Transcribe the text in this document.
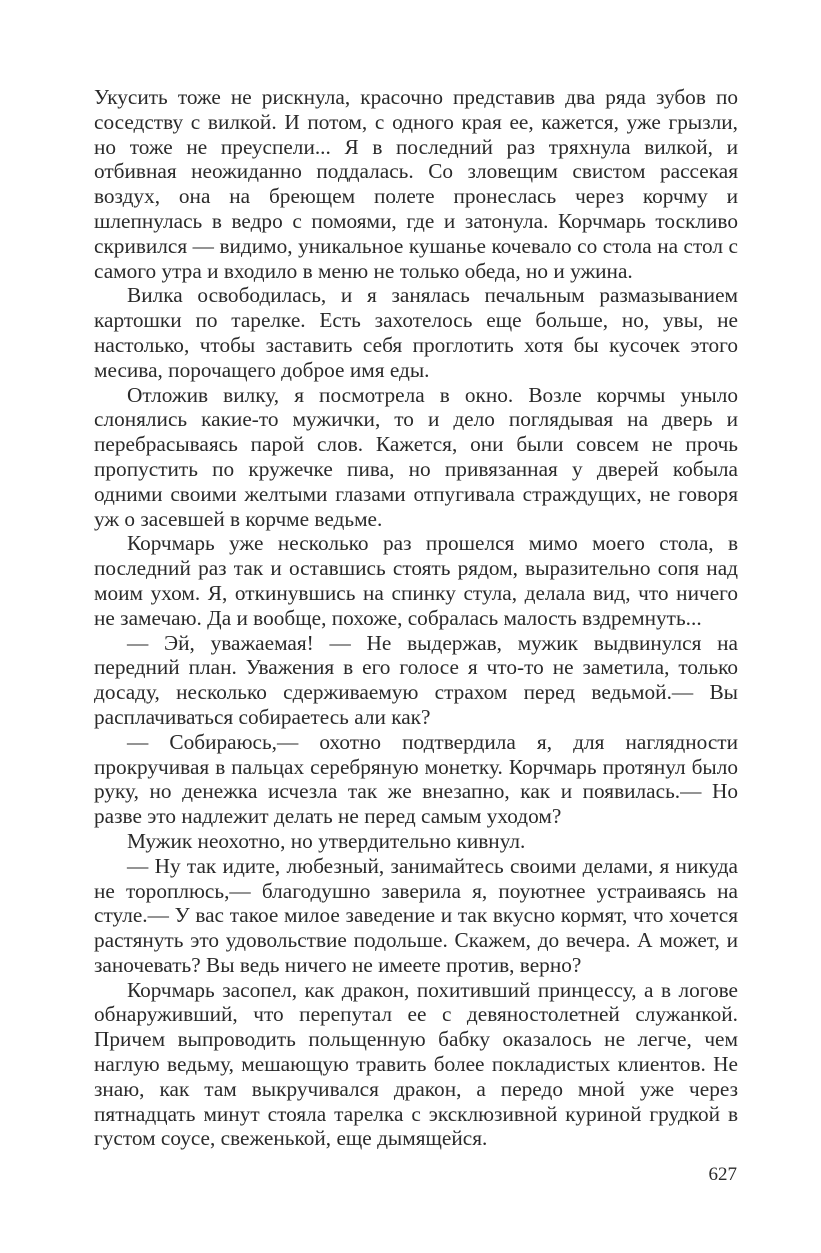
Укусить тоже не рискнула, красочно представив два ряда зубов по соседству с вилкой. И потом, с одного края ее, кажется, уже грызли, но тоже не преуспели... Я в последний раз тряхнула вилкой, и отбивная неожиданно поддалась. Со зловещим свистом рассекая воздух, она на бреющем полете пронеслась через корчму и шлепнулась в ведро с помоями, где и затонула. Корчмарь тоскливо скривился — видимо, уникальное кушанье кочевало со стола на стол с самого утра и входило в меню не только обеда, но и ужина.

Вилка освободилась, и я занялась печальным размазыванием картошки по тарелке. Есть захотелось еще больше, но, увы, не настолько, чтобы заставить себя проглотить хотя бы кусочек этого месива, порочащего доброе имя еды.

Отложив вилку, я посмотрела в окно. Возле корчмы уныло слонялись какие-то мужички, то и дело поглядывая на дверь и перебрасываясь парой слов. Кажется, они были совсем не прочь пропустить по кружечке пива, но привязанная у дверей кобыла одними своими желтыми глазами отпугивала страждущих, не говоря уж о засевшей в корчме ведьме.

Корчмарь уже несколько раз прошелся мимо моего стола, в последний раз так и оставшись стоять рядом, выразительно сопя над моим ухом. Я, откинувшись на спинку стула, делала вид, что ничего не замечаю. Да и вообще, похоже, собралась малость вздремнуть...

— Эй, уважаемая! — Не выдержав, мужик выдвинулся на передний план. Уважения в его голосе я что-то не заметила, только досаду, несколько сдерживаемую страхом перед ведьмой.— Вы расплачиваться собираетесь али как?

— Собираюсь,— охотно подтвердила я, для наглядности прокручивая в пальцах серебряную монетку. Корчмарь протянул было руку, но денежка исчезла так же внезапно, как и появилась.— Но разве это надлежит делать не перед самым уходом?

Мужик неохотно, но утвердительно кивнул.

— Ну так идите, любезный, занимайтесь своими делами, я никуда не тороплюсь,— благодушно заверила я, поуютнее устраиваясь на стуле.— У вас такое милое заведение и так вкусно кормят, что хочется растянуть это удовольствие подольше. Скажем, до вечера. А может, и заночевать? Вы ведь ничего не имеете против, верно?

Корчмарь засопел, как дракон, похитивший принцессу, а в логове обнаруживший, что перепутал ее с девяностолетней служанкой. Причем выпроводить польщенную бабку оказалось не легче, чем наглую ведьму, мешающую травить более покладистых клиентов. Не знаю, как там выкручивался дракон, а передо мной уже через пятнадцать минут стояла тарелка с эксклюзивной куриной грудкой в густом соусе, свеженькой, еще дымящейся.

627
